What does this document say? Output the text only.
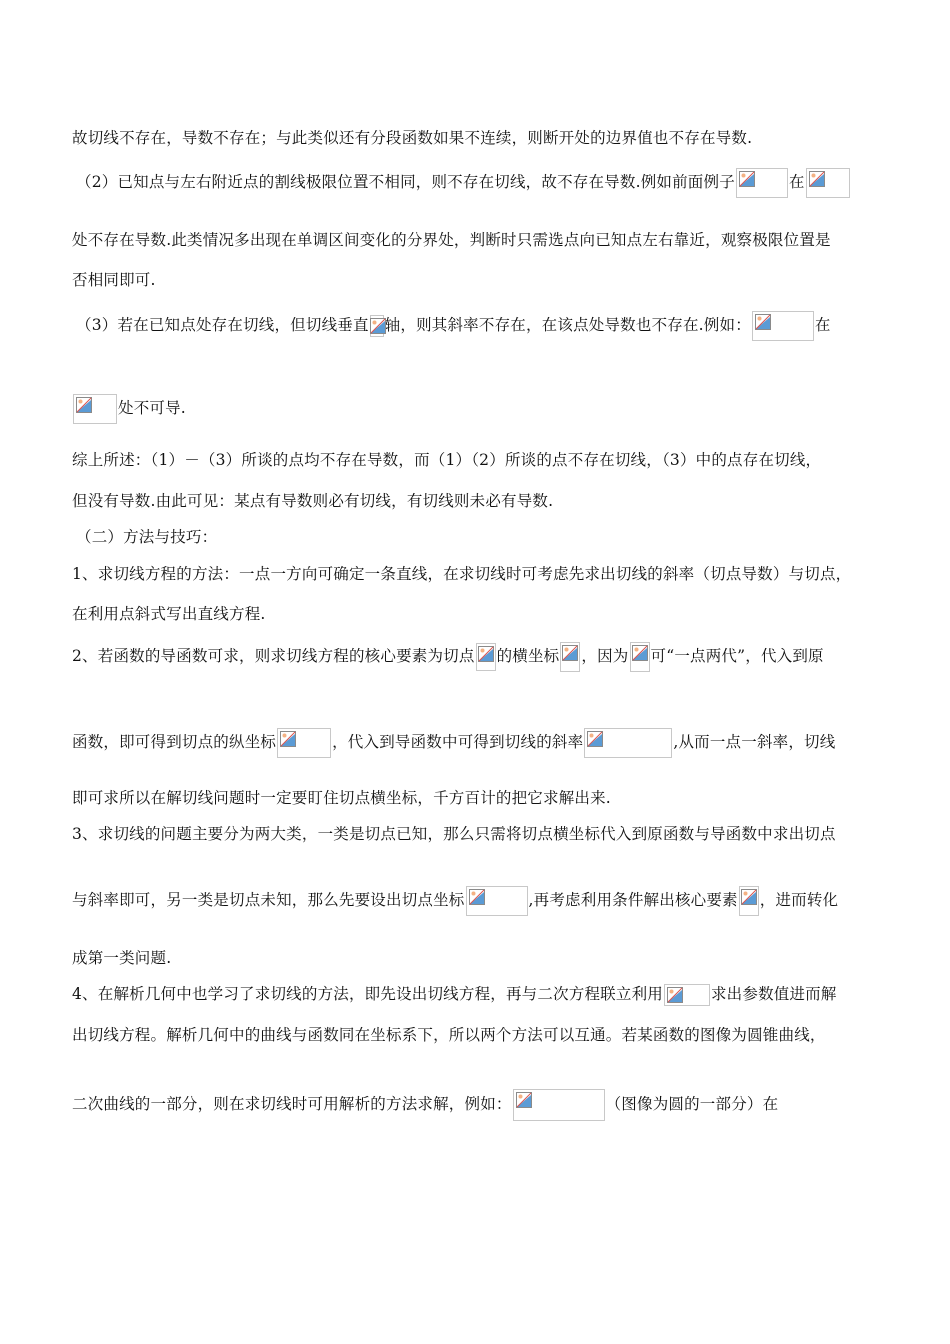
故切线不存在，导数不存在；与此类似还有分段函数如果不连续，则断开处的边界值也不存在导数.
（2）已知点与左右附近点的割线极限位置不相同，则不存在切线，故不存在导数.例如前面例子	在
处不存在导数.此类情况多出现在单调区间变化的分界处，判断时只需选点向已知点左右靠近，观察极限位置是
否相同即可.
（3）若在已知点处存在切线，但切线垂直 轴，则其斜率不存在，在该点处导数也不存在.例如：	在
处不可导.
综上所述：（1）－（3）所谈的点均不存在导数，而（1）（2）所谈的点不存在切线，（3）中的点存在切线，
但没有导数.由此可见：某点有导数则必有切线，有切线则未必有导数.
（二）方法与技巧：
1、求切线方程的方法：一点一方向可确定一条直线，在求切线时可考虑先求出切线的斜率（切点导数）与切点，
在利用点斜式写出直线方程.
2、若函数的导函数可求，则求切线方程的核心要素为切点 的横坐标 ，因为 可“一点两代”，代入到原
函数，即可得到切点的纵坐标	，代入到导函数中可得到切线的斜率	,从而一点一斜率，切线
即可求所以在解切线问题时一定要盯住切点横坐标，千方百计的把它求解出来.
3、求切线的问题主要分为两大类，一类是切点已知，那么只需将切点横坐标代入到原函数与导函数中求出切点
与斜率即可，另一类是切点未知，那么先要设出切点坐标	,再考虑利用条件解出核心要素 ，进而转化
成第一类问题.
4、在解析几何中也学习了求切线的方法，即先设出切线方程，再与二次方程联立利用	求出参数值进而解
出切线方程。解析几何中的曲线与函数同在坐标系下，所以两个方法可以互通。若某函数的图像为圆锥曲线，
二次曲线的一部分，则在求切线时可用解析的方法求解，例如：	（图像为圆的一部分）在
